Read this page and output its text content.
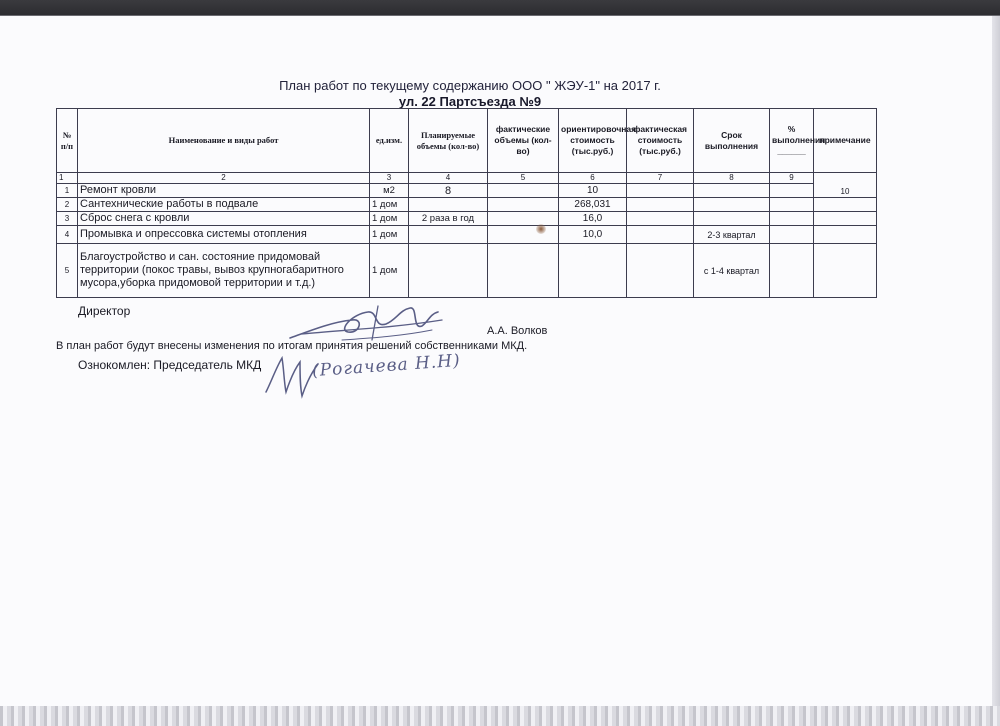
План работ по текущему содержанию ООО " ЖЭУ-1" на 2017 г.
ул. 22 Партсъезда №9
№ п/п	Наименование и виды работ	ед.изм.	Планируемые объемы (кол-во)	фактические объемы (кол-во)	ориентировочная стоимость (тыс.руб.)	фактическая стоимость (тыс.руб.)	Срок выполнения	% выполнения ______	примечание
1	2	3	4	5	6	7	8	9	10
1	Ремонт кровли	м2	8		10				
2	Сантехнические работы в подвале	1 дом			268,031				
3	Сброс снега с кровли	1 дом	2 раза в год		16,0				
4	Промывка и опрессовка системы отопления	1 дом			10,0		2-3 квартал		
5	Благоустройство и сан. состояние придомовай территории (покос травы, вывоз крупногабаритного мусора,уборка придомовой территории и т.д.)	1 дом					с 1-4 квартал		
Директор
А.А. Волков
В план работ будут внесены изменения по итогам принятия решений собственниками МКД.
Ознокомлен: Председатель МКД	(Рогачева Н.Н)
